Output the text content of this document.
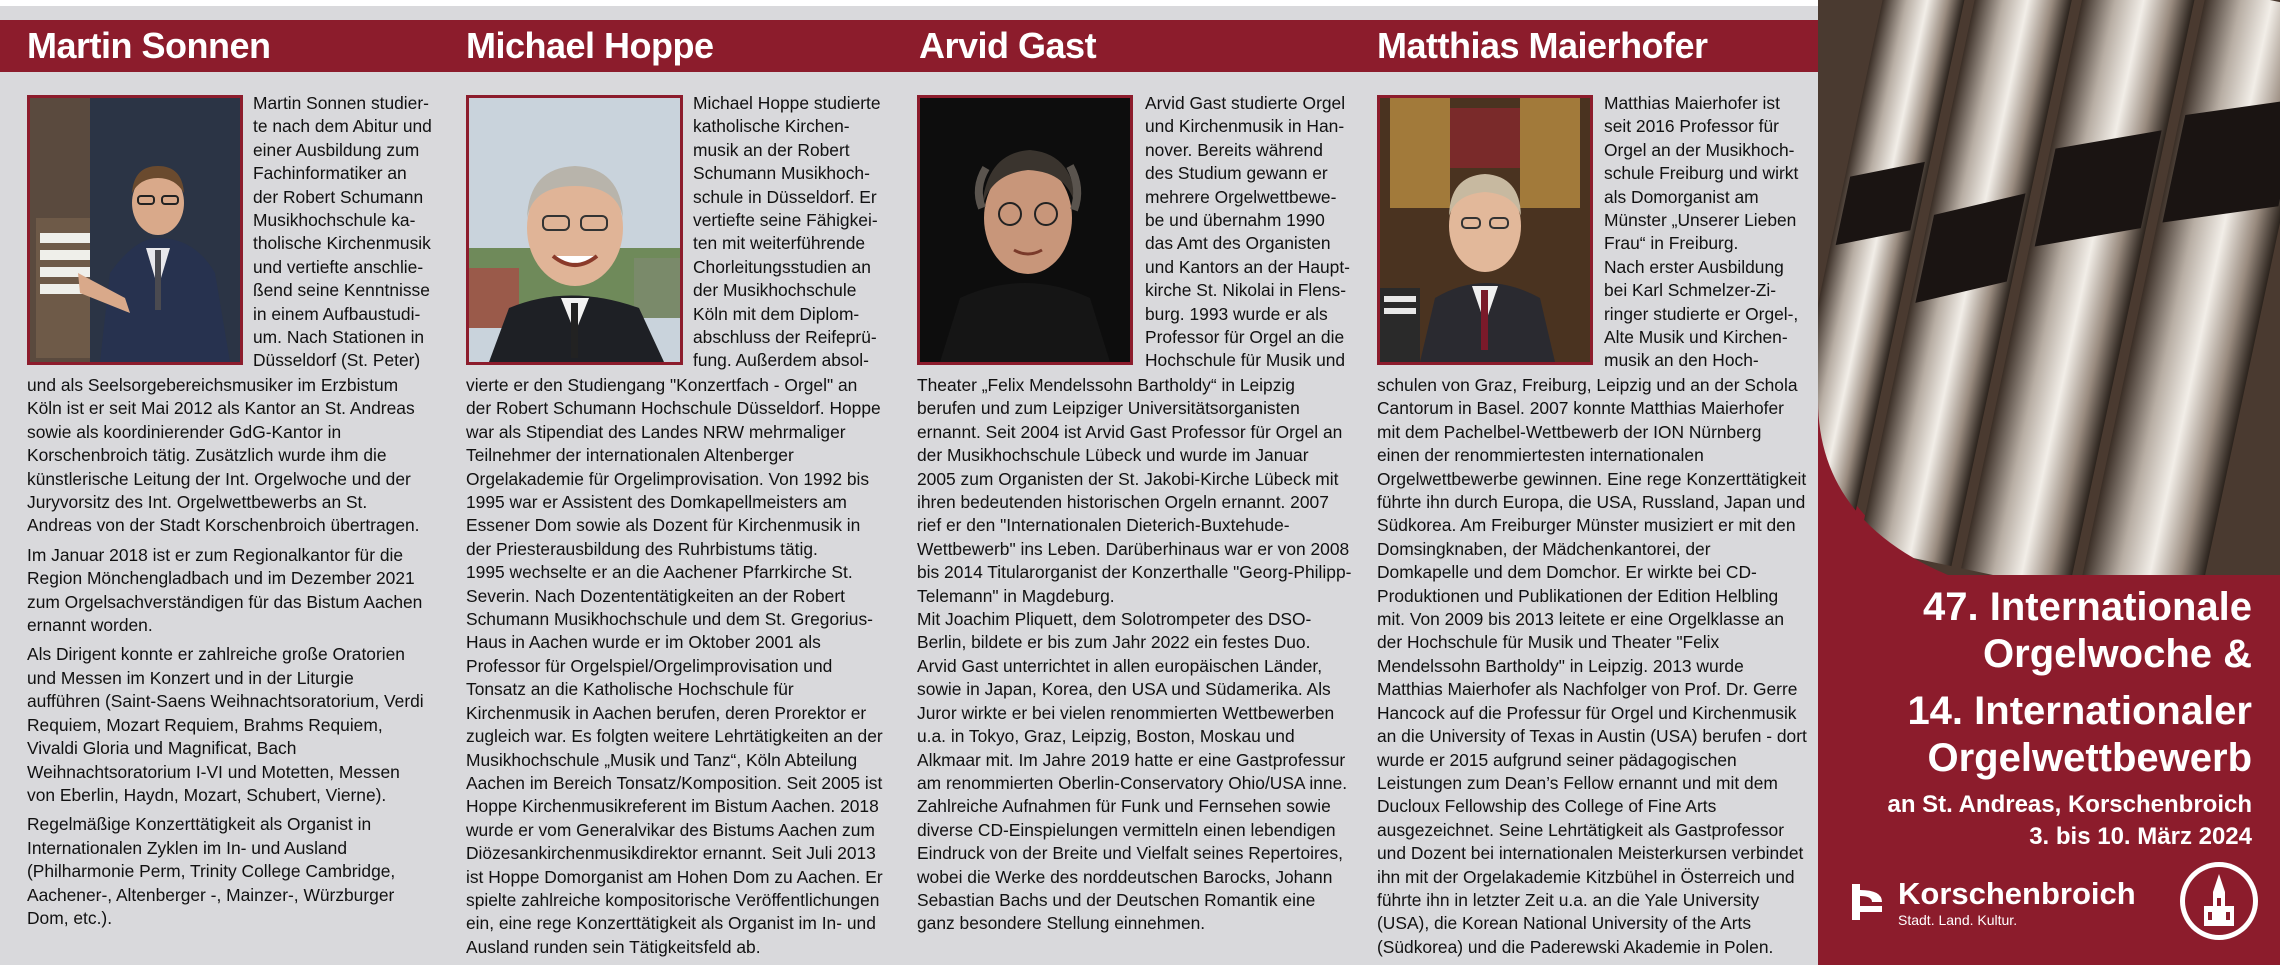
Martin Sonnen	Michael Hoppe	Arvid Gast	Matthias Maierhofer

Martin Sonnen studier-

te nach dem Abitur und

einer Ausbildung zum

Fachinformatiker an

der Robert Schumann

Musikhochschule ka-

tholische Kirchenmusik

und vertiefte anschlie-

ßend seine Kenntnisse

in einem Aufbaustudi-

um. Nach Stationen in

Düsseldorf (St. Peter)

und als Seelsorgebereichsmusiker im Erzbistum Köln ist er seit Mai 2012 als Kantor an St. Andreas sowie als koordinierender GdG-Kantor in Korschenbroich tätig. Zusätzlich wurde ihm die künstlerische Leitung der Int. Orgelwoche und der Juryvorsitz des Int. Orgelwettbewerbs an St. Andreas von der Stadt Korschenbroich übertragen.

Im Januar 2018 ist er zum Regionalkantor für die Region Mönchengladbach und im Dezember 2021 zum Orgelsachverständigen für das Bistum Aachen ernannt worden.

Als Dirigent konnte er zahlreiche große Oratorien und Messen im Konzert und in der Liturgie aufführen (Saint-Saens Weihnachtsoratorium, Verdi Requiem, Mozart Requiem, Brahms Requiem, Vivaldi Gloria und Magnificat, Bach Weihnachtsoratorium I-VI und Motetten, Messen von Eberlin, Haydn, Mozart, Schubert, Vierne).

Regelmäßige Konzerttätigkeit als Organist in Internationalen Zyklen im In- und Ausland (Philharmonie Perm, Trinity College Cambridge, Aachener-, Altenberger -, Mainzer-, Würzburger Dom, etc.).

Michael Hoppe studierte

katholische Kirchen-

musik an der Robert

Schumann Musikhoch-

schule in Düsseldorf. Er

vertiefte seine Fähigkei-

ten mit weiterführende

Chorleitungsstudien an

der Musikhochschule

Köln mit dem Diplom-

abschluss der Reifeprü-

fung. Außerdem absol-

vierte er den Studiengang "Konzertfach - Orgel" an der Robert Schumann Hochschule Düsseldorf. Hoppe war als Stipendiat des Landes NRW mehrmaliger Teilnehmer der internationalen Altenberger Orgelakademie für Orgelimprovisation. Von 1992 bis 1995 war er Assistent des Domkapellmeisters am Essener Dom sowie als Dozent für Kirchenmusik in der Priesterausbildung des Ruhrbistums tätig.

1995 wechselte er an die Aachener Pfarrkirche St. Severin. Nach Dozententätigkeiten an der Robert Schumann Musikhochschule und dem St. Gregorius-Haus in Aachen wurde er im Oktober 2001 als Professor für Orgelspiel/Orgelimprovisation und Tonsatz an die Katholische Hochschule für Kirchenmusik in Aachen berufen, deren Prorektor er zugleich war. Es folgten weitere Lehrtätigkeiten an der Musikhochschule „Musik und Tanz“, Köln Abteilung Aachen im Bereich Tonsatz/Komposition. Seit 2005 ist Hoppe Kirchenmusikreferent im Bistum Aachen. 2018 wurde er vom Generalvikar des Bistums Aachen zum Diözesankirchenmusikdirektor ernannt. Seit Juli 2013 ist Hoppe Domorganist am Hohen Dom zu Aachen. Er spielte zahlreiche kompositorische Veröffentlichungen ein, eine rege Konzerttätigkeit als Organist im In- und Ausland runden sein Tätigkeitsfeld ab.

Arvid Gast studierte Orgel

und Kirchenmusik in Han-

nover. Bereits während

des Studium gewann er

mehrere Orgelwettbewe-

be und übernahm 1990

das Amt des Organisten

und Kantors an der Haupt-

kirche St. Nikolai in Flens-

burg. 1993 wurde er als

Professor für Orgel an die

Hochschule für Musik und

Theater „Felix Mendelssohn Bartholdy“ in Leipzig berufen und zum Leipziger Universitätsorganisten ernannt. Seit 2004 ist Arvid Gast Professor für Orgel an der Musikhochschule Lübeck und wurde im Januar 2005 zum Organisten der St. Jakobi-Kirche Lübeck mit ihren bedeutenden historischen Orgeln ernannt. 2007 rief er den "Internationalen Dieterich-Buxtehude-Wettbewerb" ins Leben. Darüberhinaus war er von 2008 bis 2014 Titularorganist der Konzerthalle "Georg-Philipp-Telemann" in Magdeburg.

Mit Joachim Pliquett, dem Solotrompeter des DSO-Berlin, bildete er bis zum Jahr 2022 ein festes Duo. Arvid Gast unterrichtet in allen europäischen Länder, sowie in Japan, Korea, den USA und Südamerika. Als Juror wirkte er bei vielen renommierten Wettbewerben u.a. in Tokyo, Graz, Leipzig, Boston, Moskau und Alkmaar mit. Im Jahre 2019 hatte er eine Gastprofessur am renommierten Oberlin-Conservatory Ohio/USA inne.

Zahlreiche Aufnahmen für Funk und Fernsehen sowie diverse CD-Einspielungen vermitteln einen lebendigen Eindruck von der Breite und Vielfalt seines Repertoires, wobei die Werke des norddeutschen Barocks, Johann Sebastian Bachs und der Deutschen Romantik eine ganz besondere Stellung einnehmen.

Matthias Maierhofer ist

seit 2016 Professor für

Orgel an der Musikhoch-

schule Freiburg und wirkt

als Domorganist am

Münster „Unserer Lieben

Frau“ in Freiburg.

Nach erster Ausbildung

bei Karl Schmelzer-Zi-

ringer studierte er Orgel-,

Alte Musik und Kirchen-

musik an den Hoch-

schulen von Graz, Freiburg, Leipzig und an der Schola Cantorum in Basel. 2007 konnte Matthias Maierhofer mit dem Pachelbel-Wettbewerb der ION Nürnberg einen der renommiertesten internationalen Orgelwettbewerbe gewinnen. Eine rege Konzerttätigkeit führte ihn durch Europa, die USA, Russland, Japan und Südkorea. Am Freiburger Münster musiziert er mit den Domsingknaben, der Mädchenkantorei, der Domkapelle und dem Domchor. Er wirkte bei CD-Produktionen und Publikationen der Edition Helbling mit. Von 2009 bis 2013 leitete er eine Orgelklasse an der Hochschule für Musik und Theater "Felix Mendelssohn Bartholdy" in Leipzig. 2013 wurde Matthias Maierhofer als Nachfolger von Prof. Dr. Gerre Hancock auf die Professur für Orgel und Kirchenmusik an die University of Texas in Austin (USA) berufen - dort wurde er 2015 aufgrund seiner pädagogischen Leistungen zum Dean’s Fellow ernannt und mit dem Ducloux Fellowship des College of Fine Arts ausgezeichnet. Seine Lehrtätigkeit als Gastprofessor und Dozent bei internationalen Meisterkursen verbindet ihn mit der Orgelakademie Kitzbühel in Österreich und führte ihn in letzter Zeit u.a. an die Yale University (USA), die Korean National University of the Arts (Südkorea) und die Paderewski Akademie in Polen.

47. Internationale
Orgelwoche &
14. Internationaler
Orgelwettbewerb
an St. Andreas, Korschenbroich
3. bis 10. März 2024
Korschenbroich
Stadt. Land. Kultur.
